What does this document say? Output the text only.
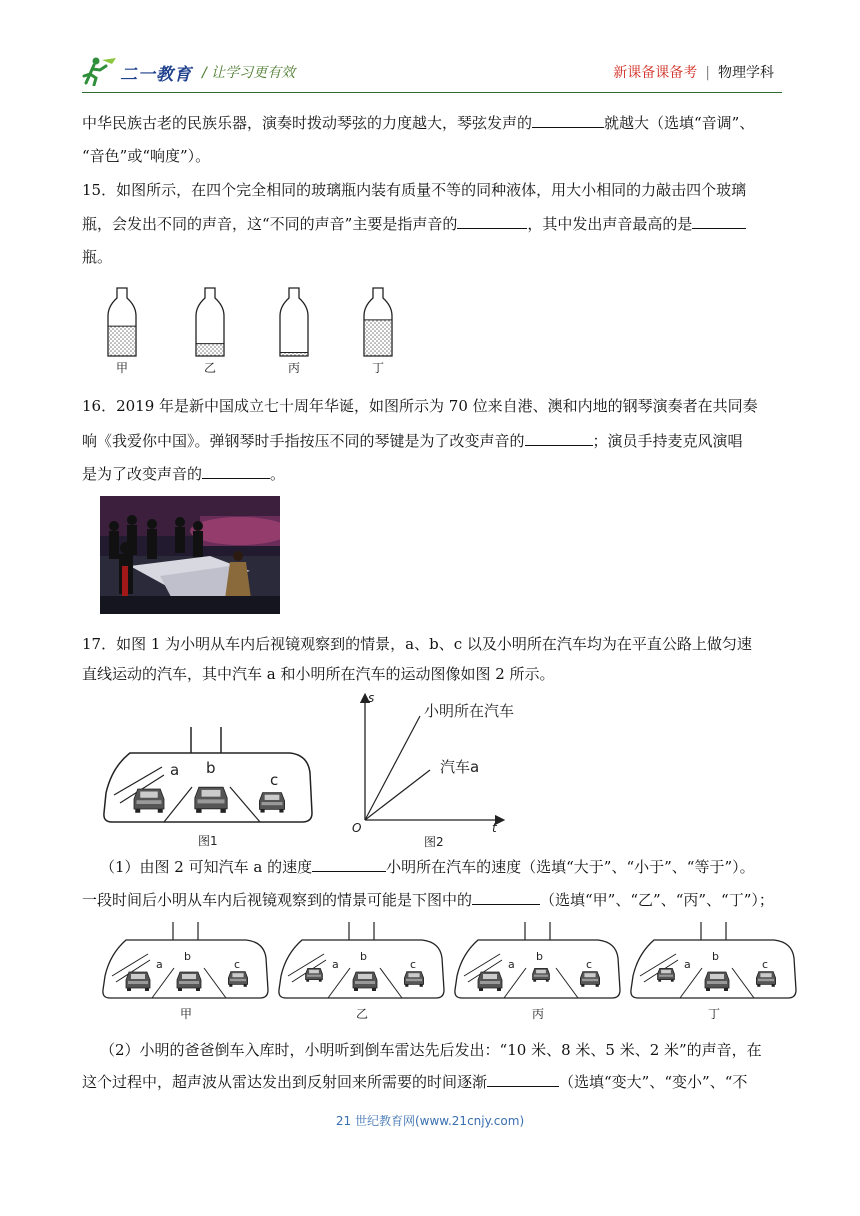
二一教育 / 让学习更有效	新课备课备考 | 物理学科

中华民族古老的民族乐器，演奏时拨动琴弦的力度越大，琴弦发声的	就越大（选填“音调”、

“音色”或“响度”）。

15．如图所示，在四个完全相同的玻璃瓶内装有质量不等的同种液体，用大小相同的力敲击四个玻璃

瓶，会发出不同的声音，这“不同的声音”主要是指声音的	，其中发出声音最高的是

瓶。

甲	乙	丙	丁

16．2019 年是新中国成立七十周年华诞，如图所示为 70 位来自港、澳和内地的钢琴演奏者在共同奏

响《我爱你中国》。弹钢琴时手指按压不同的琴键是为了改变声音的	；演员手持麦克风演唱

是为了改变声音的	。

17．如图 1 为小明从车内后视镜观察到的情景，a、b、c 以及小明所在汽车均为在平直公路上做匀速

直线运动的汽车，其中汽车 a 和小明所在汽车的运动图像如图 2 所示。

a b
c
图1
s
t
O
小明所在汽车
汽车a
图2

（1）由图 2 可知汽车 a 的速度	小明所在汽车的速度（选填“大于”、“小于”、“等于”）。

一段时间后小明从车内后视镜观察到的情景可能是下图中的	（选填“甲”、“乙”、“丙”、“丁”）；

a
b
c
甲
a
b
c
乙
a
b
c
丙
a
b
c
丁

（2）小明的爸爸倒车入库时，小明听到倒车雷达先后发出：“10 米、8 米、5 米、2 米”的声音，在

这个过程中，超声波从雷达发出到反射回来所需要的时间逐渐	（选填“变大”、“变小”、“不

21 世纪教育网(www.21cnjy.com)
